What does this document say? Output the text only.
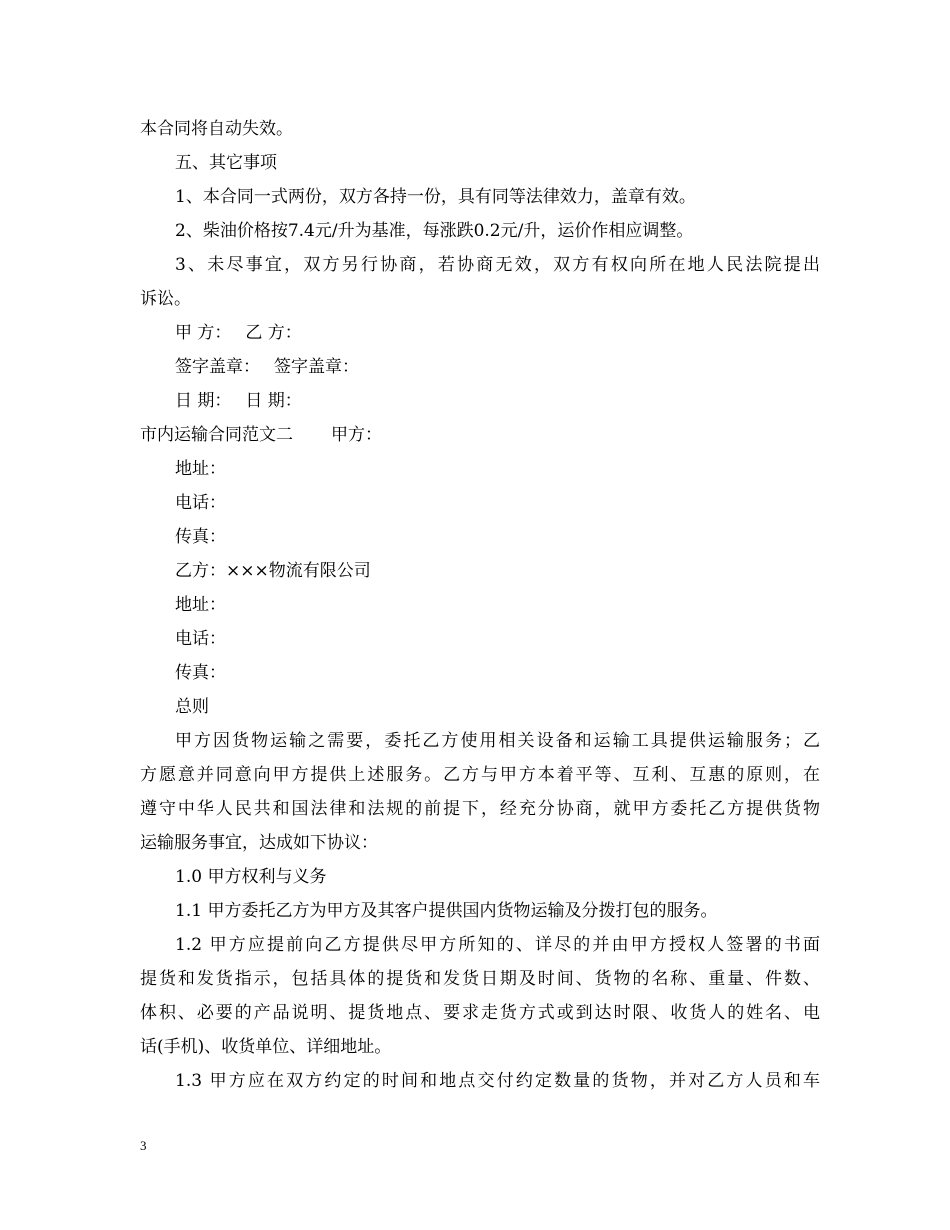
本合同将自动失效。
五、其它事项
1、本合同一式两份，双方各持一份，具有同等法律效力，盖章有效。
2、柴油价格按7.4元/升为基准，每涨跌0.2元/升，运价作相应调整。
3、未尽事宜，双方另行协商，若协商无效，双方有权向所在地人民法院提出
诉讼。
甲 方： 乙 方：
签字盖章： 签字盖章：
日 期： 日 期：
市内运输合同范文二 甲方：
地址：
电话：
传真：
乙方：×××物流有限公司
地址：
电话：
传真：
总则
甲方因货物运输之需要，委托乙方使用相关设备和运输工具提供运输服务；乙
方愿意并同意向甲方提供上述服务。乙方与甲方本着平等、互利、互惠的原则，在
遵守中华人民共和国法律和法规的前提下，经充分协商，就甲方委托乙方提供货物
运输服务事宜，达成如下协议：
1.0 甲方权利与义务
1.1 甲方委托乙方为甲方及其客户提供国内货物运输及分拨打包的服务。
1.2 甲方应提前向乙方提供尽甲方所知的、详尽的并由甲方授权人签署的书面
提货和发货指示，包括具体的提货和发货日期及时间、货物的名称、重量、件数、
体积、必要的产品说明、提货地点、要求走货方式或到达时限、收货人的姓名、电
话(手机)、收货单位、详细地址。
1.3 甲方应在双方约定的时间和地点交付约定数量的货物，并对乙方人员和车
3
